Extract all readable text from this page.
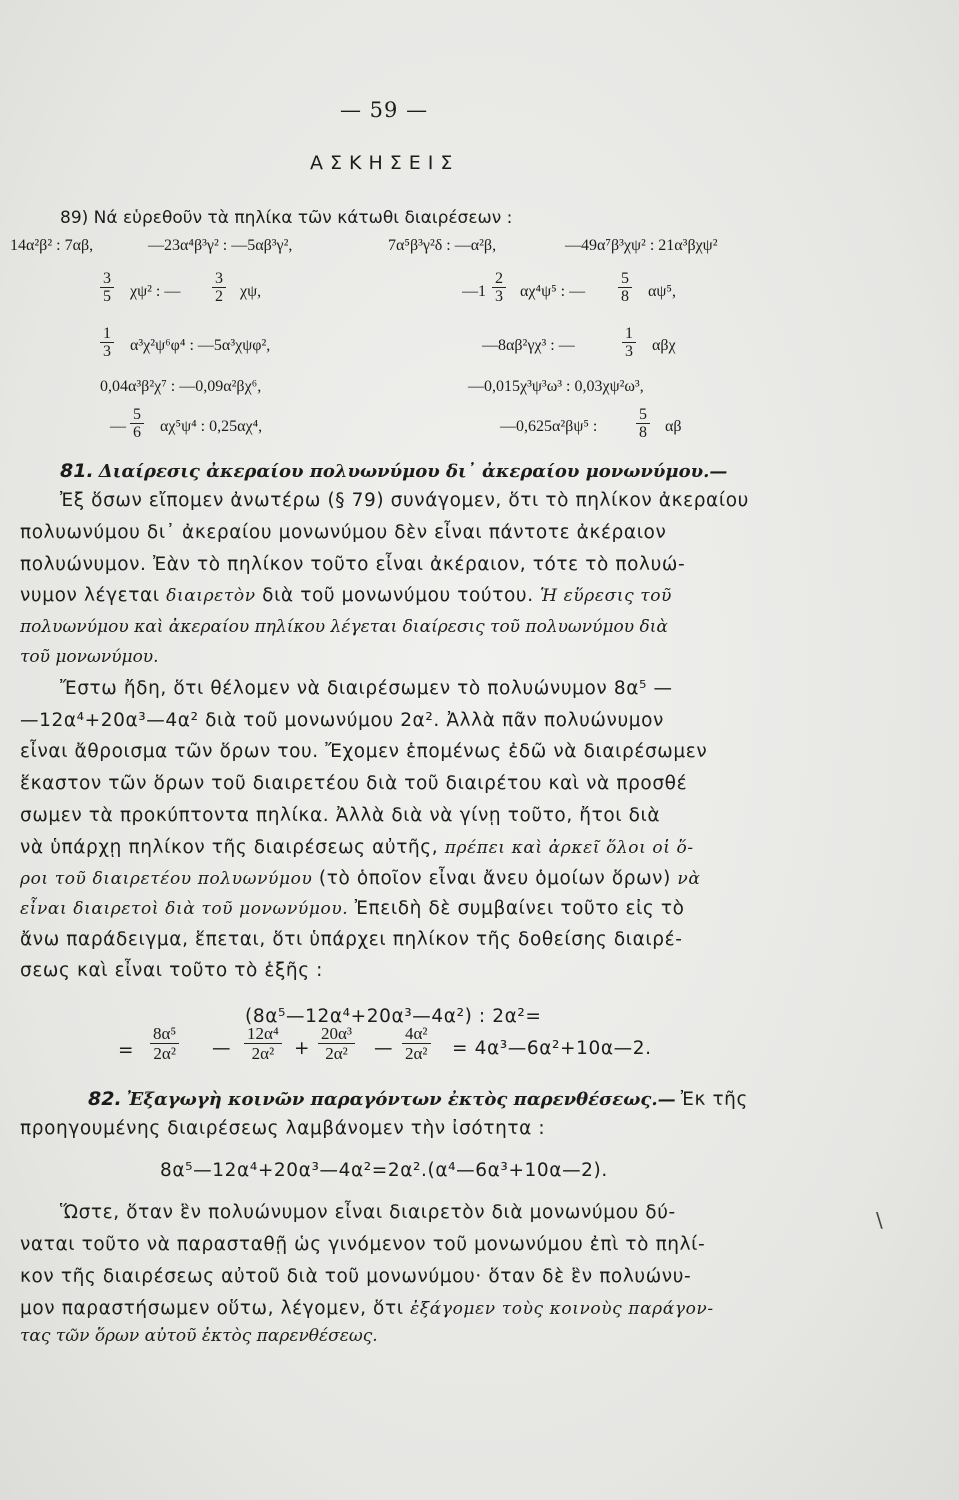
— 59 —
ΑΣΚΗΣΕΙΣ
89) Νά εὑρεθοῦν τὰ πηλίκα τῶν κάτωθι διαιρέσεων :
14α²β² : 7αβ,	—23α⁴β³γ² : —5αβ³γ²,	7α⁵β³γ²δ : —α²β,	—49α⁷β³χψ² : 21α³βχψ²
$\frac{3}{5} \chi\psi^2$ : — $\frac{3}{2} \chi\psi$,	—1 $\frac{2}{3} \alpha\chi^4\psi^5$ : — $\frac{5}{8} \alpha\psi^5$,
$\frac{1}{3} \alpha^3\chi^2\psi^6\varphi^4$ : —5α³χψφ²,	—8αβ²γχ³ : —	$\frac{1}{3}$ αβχ
0,04α³β²χ⁷ : —0,09α²βχ⁶,	—0,015χ³ψ³ω³ : 0,03χψ²ω³,
— $\frac{5}{6} \alpha\chi^5\psi^4$ : 0,25αχ⁴,	—0,625α²βψ⁵ : $\frac{5}{8}$ αβ
81. Διαίρεσις ἀκεραίου πολυωνύμου δι᾽ ἀκεραίου μονωνύμου.—
Ἐξ ὅσων εἴπομεν ἀνωτέρω (§ 79) συνάγομεν, ὅτι τὸ πηλίκον ἀκεραίου
πολυωνύμου δι᾽ ἀκεραίου μονωνύμου δὲν εἶναι πάντοτε ἀκέραιον
πολυώνυμον. Ἐὰν τὸ πηλίκον τοῦτο εἶναι ἀκέραιον, τότε τὸ πολυώ-
νυμον λέγεται διαιρετὸν διὰ τοῦ μονωνύμου τούτου. Ἡ εὕρεσις τοῦ
πολυωνύμου καὶ ἀκεραίου πηλίκου λέγεται διαίρεσις τοῦ πολυωνύμου διὰ
τοῦ μονωνύμου.
Ἔστω ἤδη, ὅτι θέλομεν νὰ διαιρέσωμεν τὸ πολυώνυμον 8α⁵ —
—12α⁴+20α³—4α² διὰ τοῦ μονωνύμου 2α². Ἀλλὰ πᾶν πολυώνυμον
εἶναι ἄθροισμα τῶν ὅρων του. Ἔχομεν ἑπομένως ἐδῶ νὰ διαιρέσωμεν
ἕκαστον τῶν ὅρων τοῦ διαιρετέου διὰ τοῦ διαιρέτου καὶ νὰ προσθέ
σωμεν τὰ προκύπτοντα πηλίκα. Ἀλλὰ διὰ νὰ γίνῃ τοῦτο, ἤτοι διὰ
νὰ ὑπάρχῃ πηλίκον τῆς διαιρέσεως αὐτῆς, πρέπει καὶ ἀρκεῖ ὅλοι οἱ ὅ-
ροι τοῦ διαιρετέου πολυωνύμου (τὸ ὁποῖον εἶναι ἄνευ ὁμοίων ὅρων) νὰ
εἶναι διαιρετοὶ διὰ τοῦ μονωνύμου. Ἐπειδὴ δὲ συμβαίνει τοῦτο εἰς τὸ
ἄνω παράδειγμα, ἕπεται, ὅτι ὑπάρχει πηλίκον τῆς δοθείσης διαιρέ-
σεως καὶ εἶναι τοῦτο τὸ ἑξῆς :
(8α⁵—12α⁴+20α³—4α²) : 2α²=
= $\frac{\text{8α⁵}}{\text{2α²}}$ — $\frac{\text{12α⁴}}{\text{2α²}} + \frac{\text{20α³}}{\text{2α²}}$ — $\frac{\text{4α²}}{\text{2α²}}$ = 4α³—6α²+10α—2.
82. Ἐξαγωγὴ κοινῶν παραγόντων ἐκτὸς παρενθέσεως.— Ἐκ τῆς
προηγουμένης διαιρέσεως λαμβάνομεν τὴν ἰσότητα :
8α⁵—12α⁴+20α³—4α²=2α².(α⁴—6α³+10α—2).
Ὥστε, ὅταν ἓν πολυώνυμον εἶναι διαιρετὸν διὰ μονωνύμου δύ-
ναται τοῦτο νὰ παρασταθῇ ὡς γινόμενον τοῦ μονωνύμου ἐπὶ τὸ πηλί-
κον τῆς διαιρέσεως αὐτοῦ διὰ τοῦ μονωνύμου· ὅταν δὲ ἓν πολυώνυ-
μον παραστήσωμεν οὕτω, λέγομεν, ὅτι ἐξάγομεν τοὺς κοινοὺς παράγον-
τας τῶν ὅρων αὐτοῦ ἐκτὸς παρενθέσεως.
\
